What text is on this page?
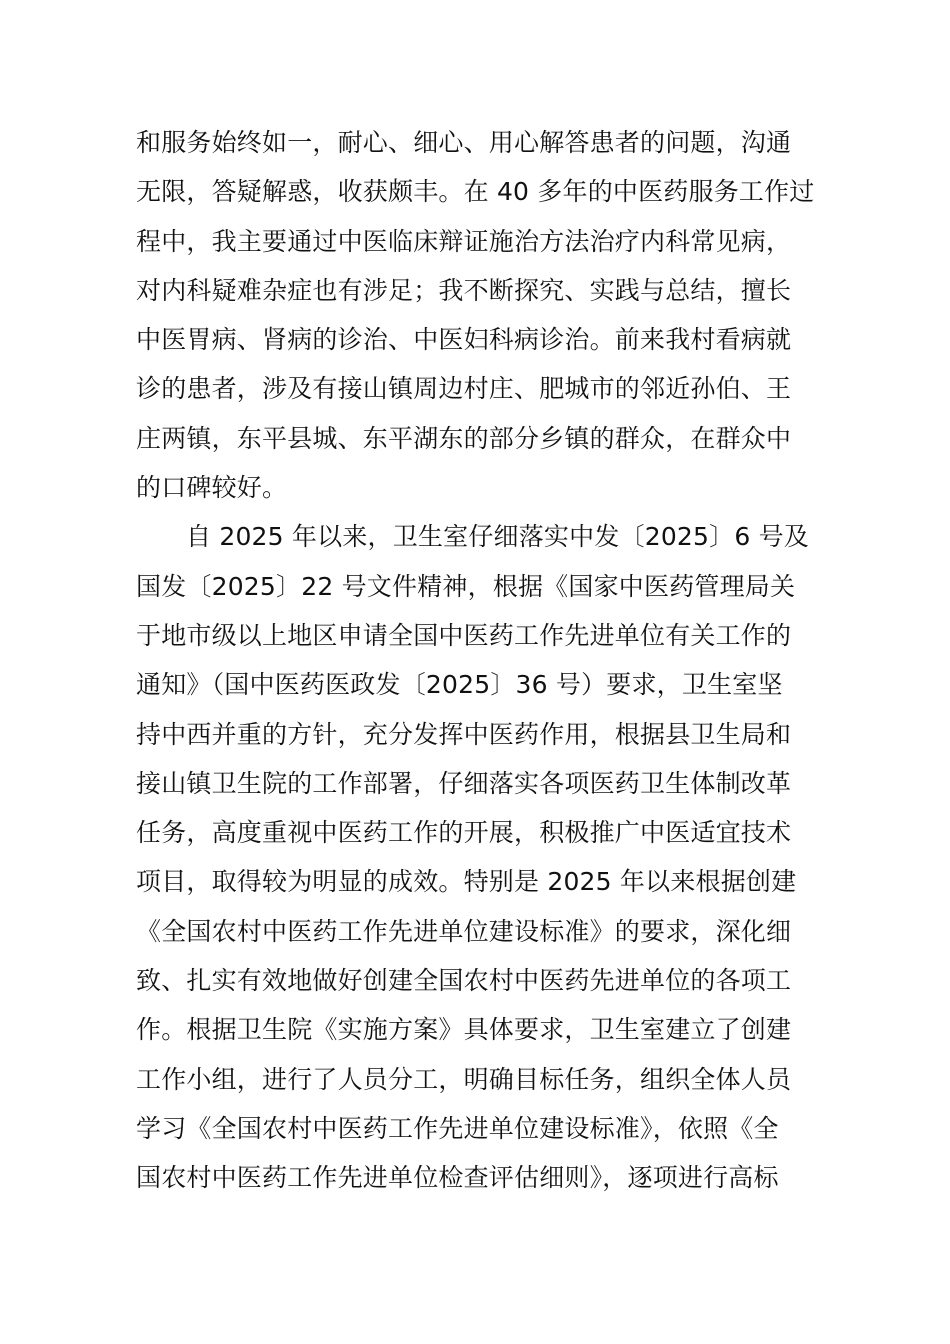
和服务始终如一，耐心、细心、用心解答患者的问题，沟通
无限，答疑解惑，收获颇丰。在 40 多年的中医药服务工作过
程中，我主要通过中医临床辩证施治方法治疗内科常见病，
对内科疑难杂症也有涉足；我不断探究、实践与总结，擅长
中医胃病、肾病的诊治、中医妇科病诊治。前来我村看病就
诊的患者，涉及有接山镇周边村庄、肥城市的邻近孙伯、王
庄两镇，东平县城、东平湖东的部分乡镇的群众，在群众中
的口碑较好。
自 2025 年以来，卫生室仔细落实中发〔2025〕6 号及
国发〔2025〕22 号文件精神，根据《国家中医药管理局关
于地市级以上地区申请全国中医药工作先进单位有关工作的
通知》（国中医药医政发〔2025〕36 号）要求，卫生室坚
持中西并重的方针，充分发挥中医药作用，根据县卫生局和
接山镇卫生院的工作部署，仔细落实各项医药卫生体制改革
任务，高度重视中医药工作的开展，积极推广中医适宜技术
项目，取得较为明显的成效。特别是 2025 年以来根据创建
《全国农村中医药工作先进单位建设标准》的要求，深化细
致、扎实有效地做好创建全国农村中医药先进单位的各项工
作。根据卫生院《实施方案》具体要求，卫生室建立了创建
工作小组，进行了人员分工，明确目标任务，组织全体人员
学习《全国农村中医药工作先进单位建设标准》，依照《全
国农村中医药工作先进单位检查评估细则》，逐项进行高标
